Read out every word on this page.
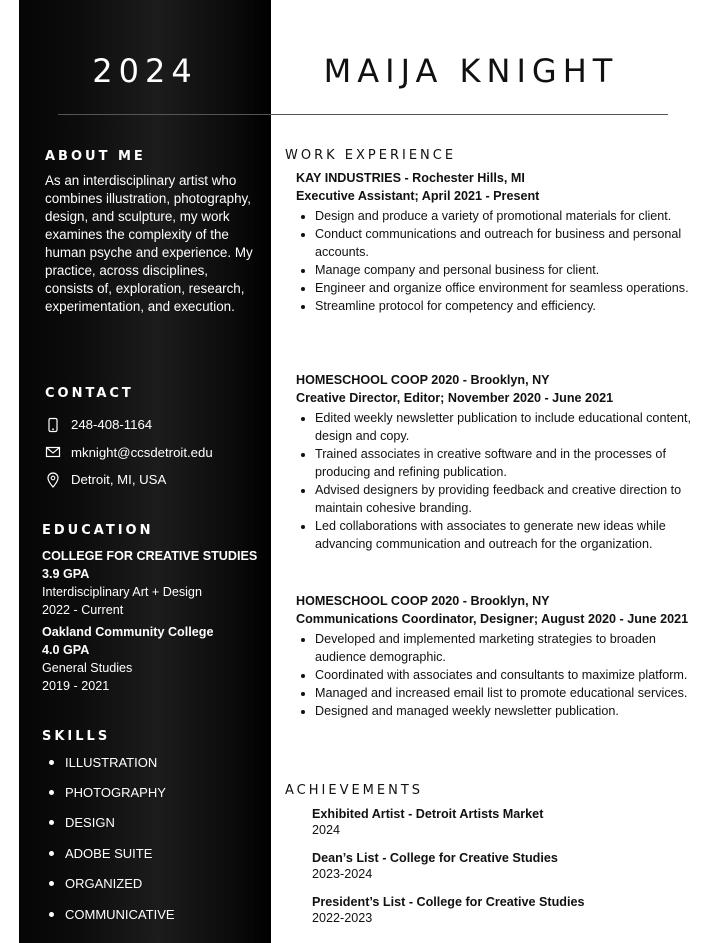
2024
ABOUT ME

As an interdisciplinary artist who combines illustration, photography, design, and sculpture, my work examines the complexity of the human psyche and experience. My practice, across disciplines, consists of, exploration, research, experimentation, and execution.

CONTACT
248-408-1164
mknight@ccsdetroit.edu
Detroit, MI, USA
EDUCATION
COLLEGE FOR CREATIVE STUDIES
3.9 GPA
Interdisciplinary Art + Design
2022 - Current
Oakland Community College
4.0 GPA
General Studies
2019 - 2021
SKILLS
ILLUSTRATION
PHOTOGRAPHY
DESIGN
ADOBE SUITE
ORGANIZED
COMMUNICATIVE
MAIJA KNIGHT
WORK EXPERIENCE
KAY INDUSTRIES - Rochester Hills, MI
Executive Assistant; April 2021 - Present
• Design and produce a variety of promotional materials for client.
• Conduct communications and outreach for business and personal accounts.
• Manage company and personal business for client.
• Engineer and organize office environment for seamless operations.
• Streamline protocol for competency and efficiency.
HOMESCHOOL COOP 2020 - Brooklyn, NY
Creative Director, Editor; November 2020 - June 2021
• Edited weekly newsletter publication to include educational content, design and copy.
• Trained associates in creative software and in the processes of producing and refining publication.
• Advised designers by providing feedback and creative direction to maintain cohesive branding.
• Led collaborations with associates to generate new ideas while advancing communication and outreach for the organization.
HOMESCHOOL COOP 2020 - Brooklyn, NY
Communications Coordinator, Designer; August 2020 - June 2021
• Developed and implemented marketing strategies to broaden audience demographic.
• Coordinated with associates and consultants to maximize platform.
• Managed and increased email list to promote educational services.
• Designed and managed weekly newsletter publication.
ACHIEVEMENTS
Exhibited Artist - Detroit Artists Market
2024
Dean’s List - College for Creative Studies
2023-2024
President’s List - College for Creative Studies
2022-2023
